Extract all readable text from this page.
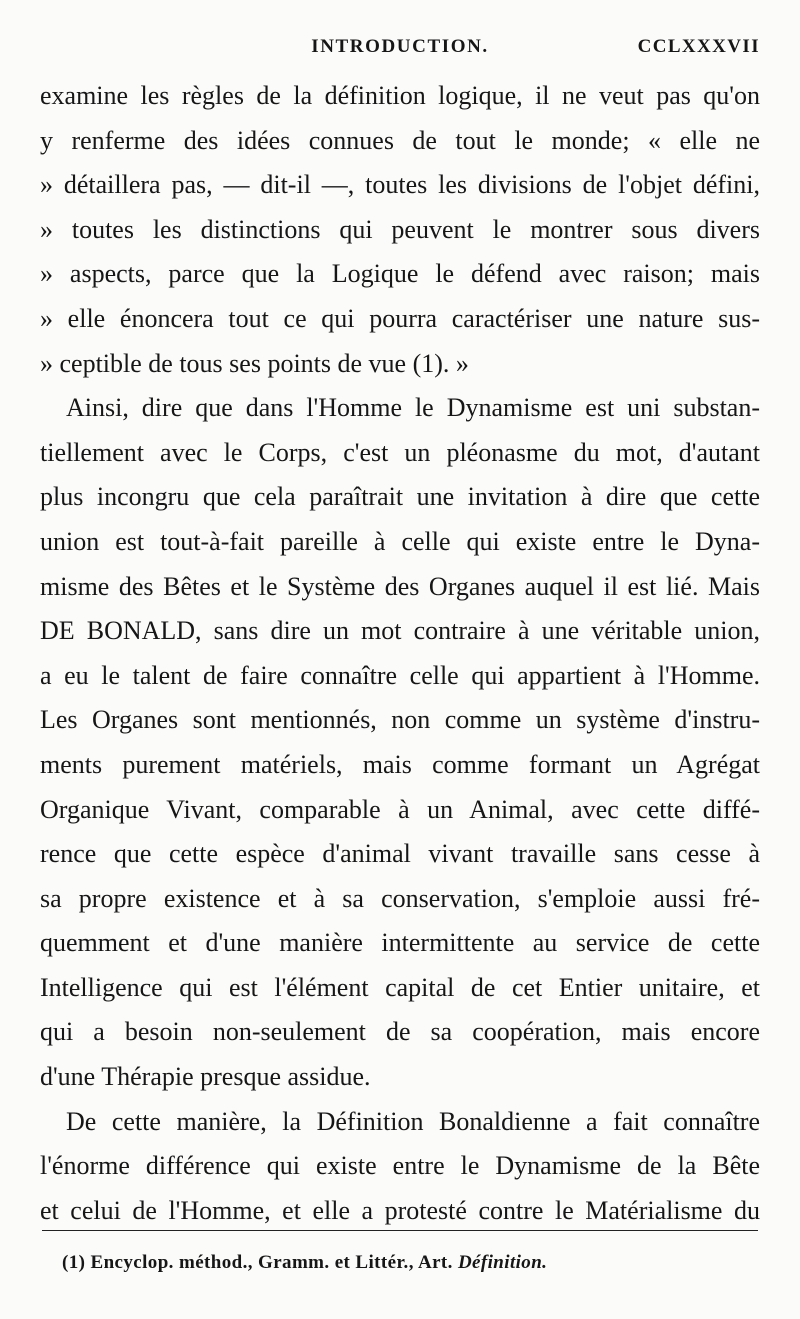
INTRODUCTION.	CCLXXXVII
examine les règles de la définition logique, il ne veut pas qu'on
y renferme des idées connues de tout le monde; « elle ne
» détaillera pas, — dit-il —, toutes les divisions de l'objet défini,
» toutes les distinctions qui peuvent le montrer sous divers
» aspects, parce que la Logique le défend avec raison; mais
» elle énoncera tout ce qui pourra caractériser une nature sus-
» ceptible de tous ses points de vue (1). »
Ainsi, dire que dans l'Homme le Dynamisme est uni substan-
tiellement avec le Corps, c'est un pléonasme du mot, d'autant
plus incongru que cela paraîtrait une invitation à dire que cette
union est tout-à-fait pareille à celle qui existe entre le Dyna-
misme des Bêtes et le Système des Organes auquel il est lié. Mais
DE BONALD, sans dire un mot contraire à une véritable union,
a eu le talent de faire connaître celle qui appartient à l'Homme.
Les Organes sont mentionnés, non comme un système d'instru-
ments purement matériels, mais comme formant un Agrégat
Organique Vivant, comparable à un Animal, avec cette diffé-
rence que cette espèce d'animal vivant travaille sans cesse à
sa propre existence et à sa conservation, s'emploie aussi fré-
quemment et d'une manière intermittente au service de cette
Intelligence qui est l'élément capital de cet Entier unitaire, et
qui a besoin non-seulement de sa coopération, mais encore
d'une Thérapie presque assidue.
De cette manière, la Définition Bonaldienne a fait connaître
l'énorme différence qui existe entre le Dynamisme de la Bête
et celui de l'Homme, et elle a protesté contre le Matérialisme du
(1) Encyclop. méthod., Gramm. et Littér., Art. Définition.
